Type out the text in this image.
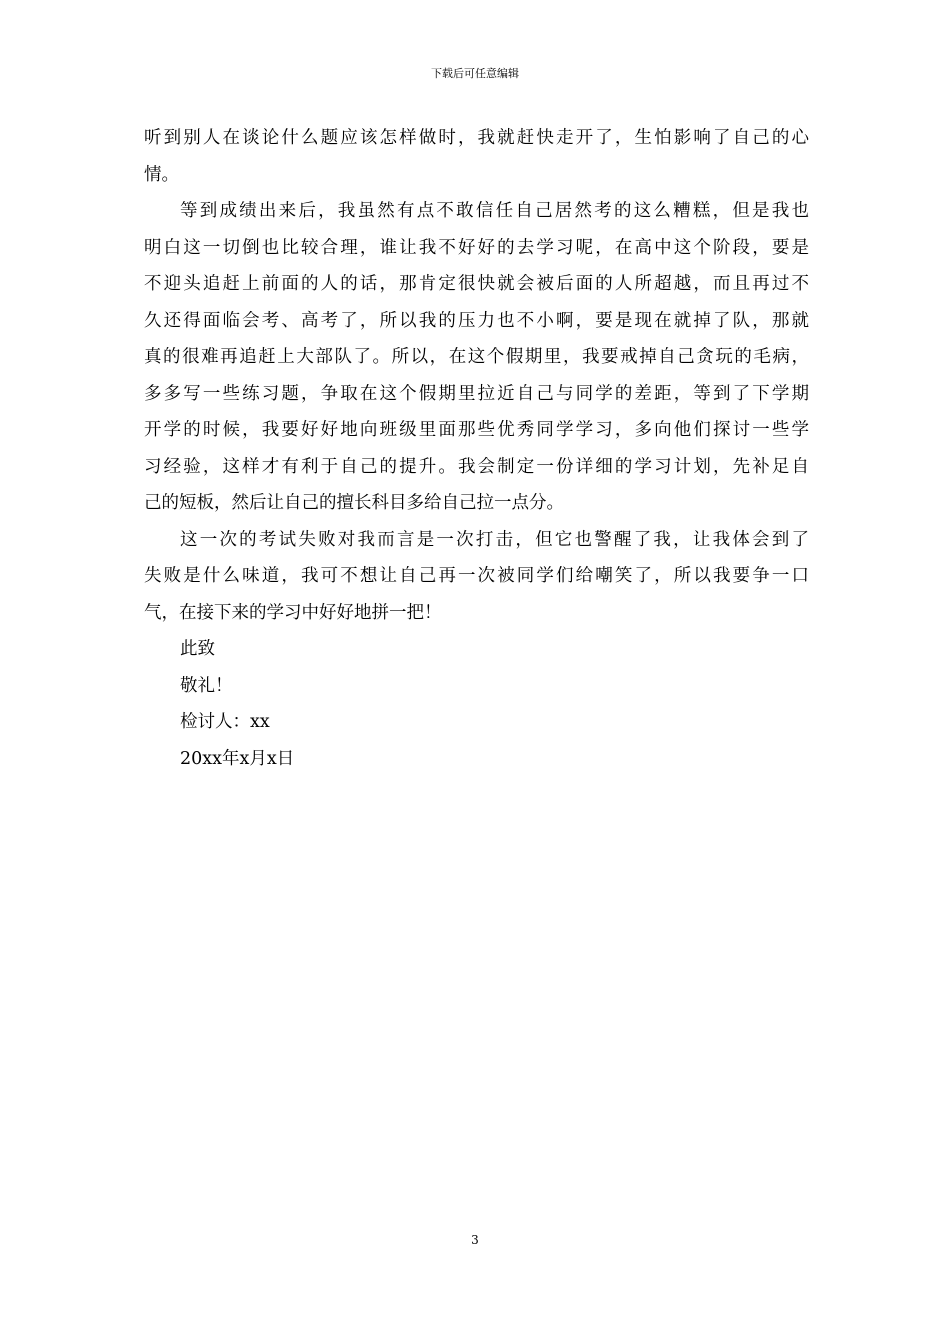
下载后可任意编辑
听到别人在谈论什么题应该怎样做时，我就赶快走开了，生怕影响了自己的心
情。
等到成绩出来后，我虽然有点不敢信任自己居然考的这么糟糕，但是我也
明白这一切倒也比较合理，谁让我不好好的去学习呢，在高中这个阶段，要是
不迎头追赶上前面的人的话，那肯定很快就会被后面的人所超越，而且再过不
久还得面临会考、高考了，所以我的压力也不小啊，要是现在就掉了队，那就
真的很难再追赶上大部队了。所以，在这个假期里，我要戒掉自己贪玩的毛病，
多多写一些练习题，争取在这个假期里拉近自己与同学的差距，等到了下学期
开学的时候，我要好好地向班级里面那些优秀同学学习，多向他们探讨一些学
习经验，这样才有利于自己的提升。我会制定一份详细的学习计划，先补足自
己的短板，然后让自己的擅长科目多给自己拉一点分。
这一次的考试失败对我而言是一次打击，但它也警醒了我，让我体会到了
失败是什么味道，我可不想让自己再一次被同学们给嘲笑了，所以我要争一口
气，在接下来的学习中好好地拼一把！
此致
敬礼！
检讨人：xx
20xx年x月x日
3
